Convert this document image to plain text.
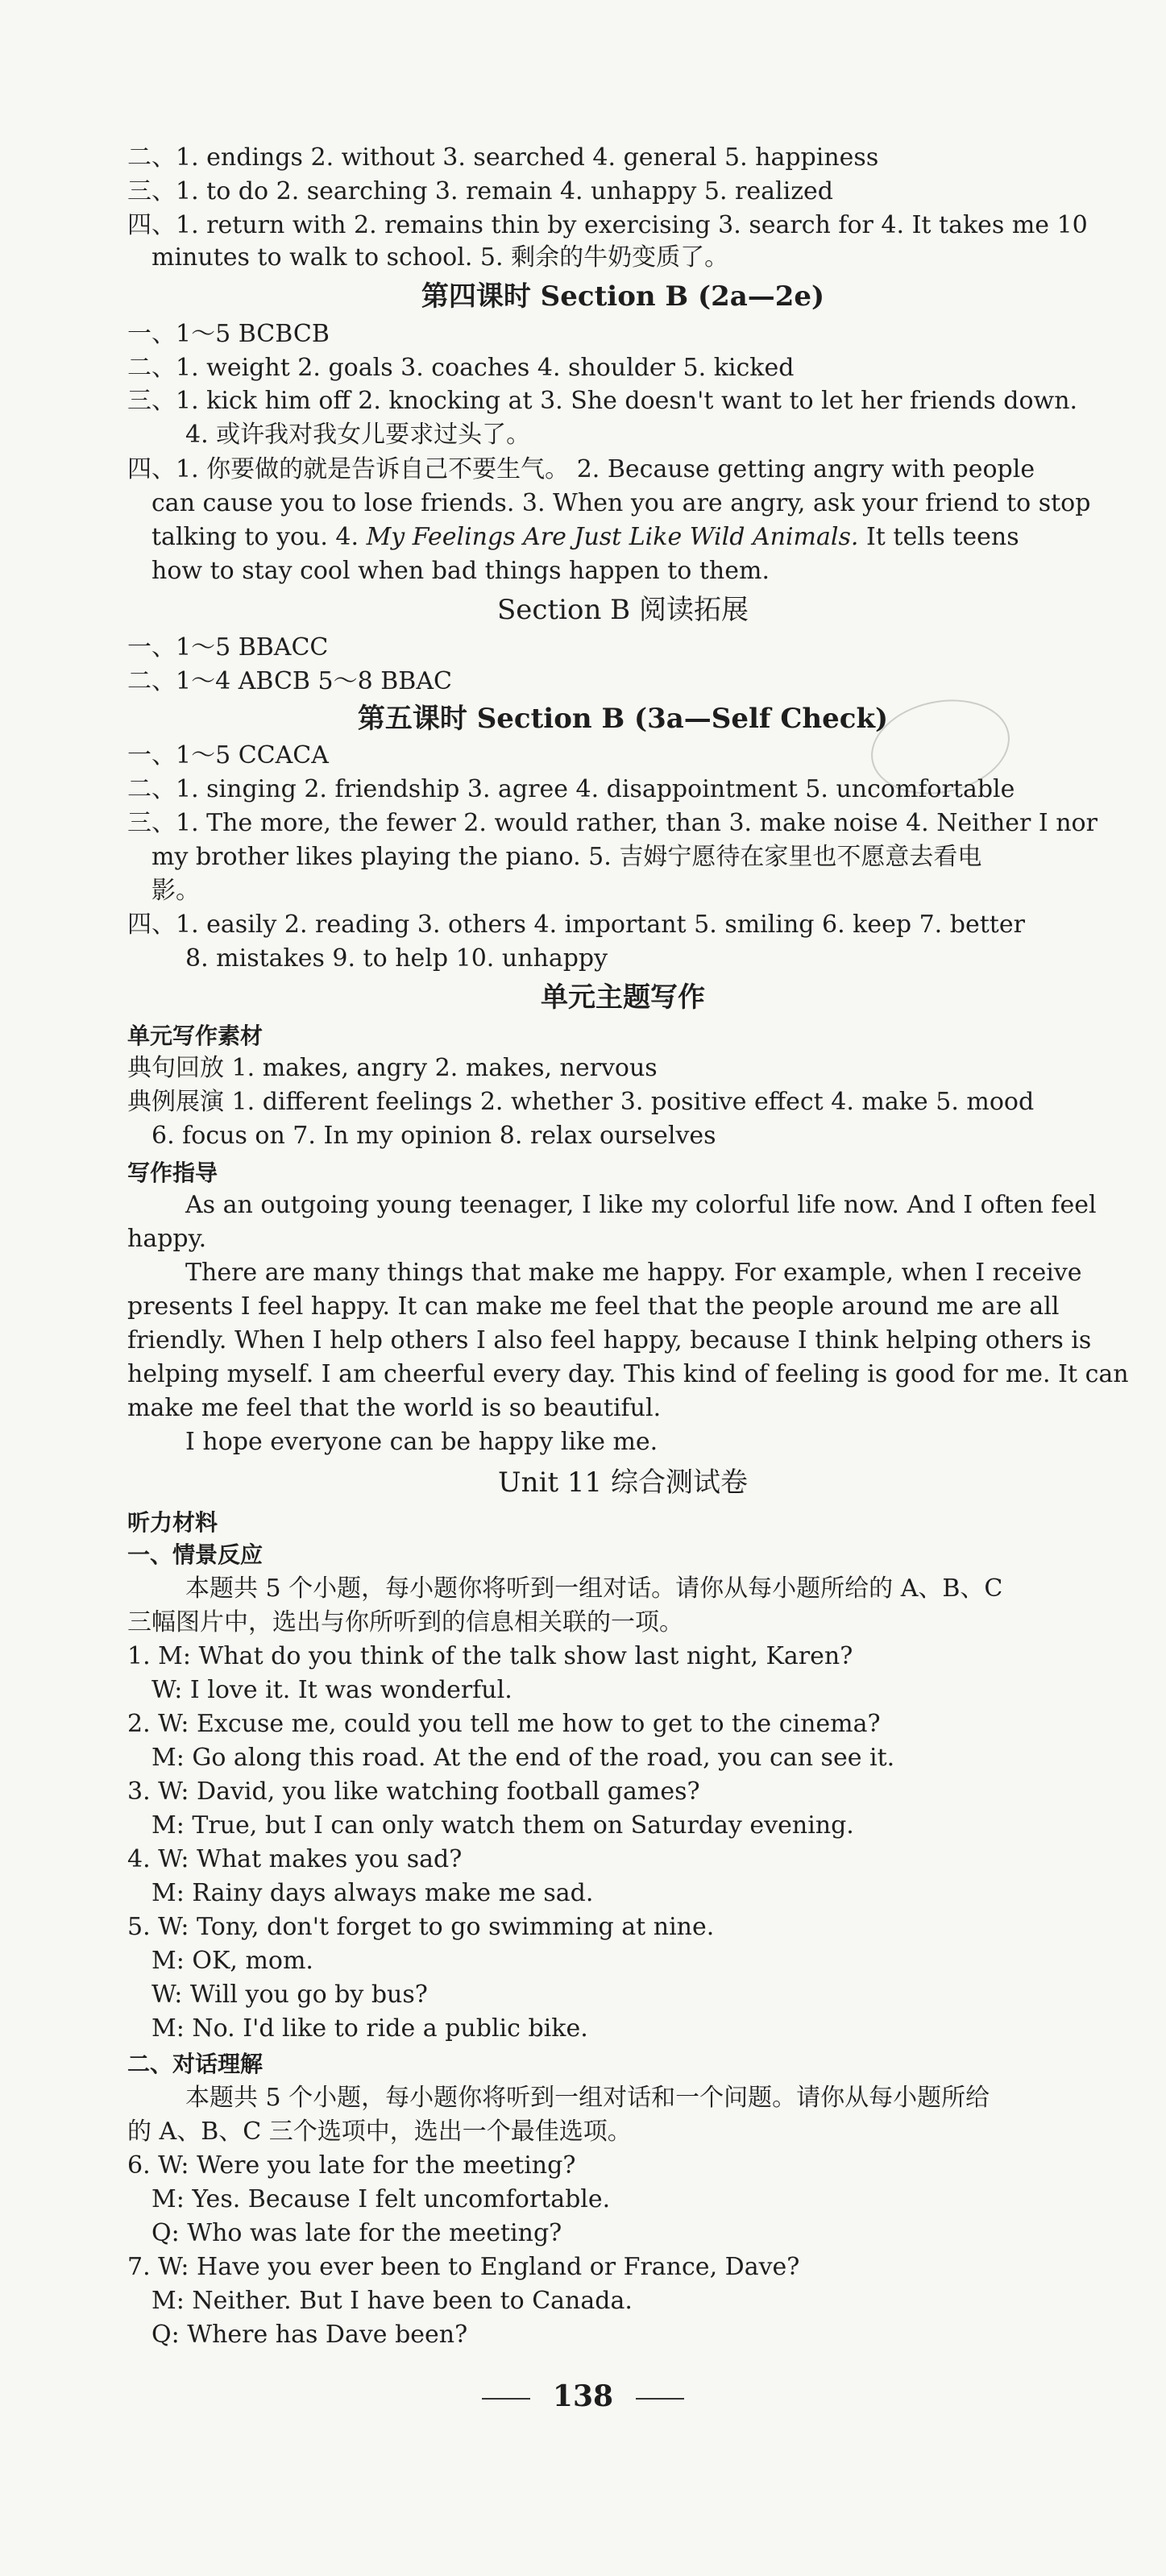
二、1. endings 2. without 3. searched 4. general 5. happiness
三、1. to do 2. searching 3. remain 4. unhappy 5. realized
四、1. return with 2. remains thin by exercising 3. search for 4. It takes me 10
minutes to walk to school. 5. 剩余的牛奶变质了。
第四课时 Section B (2a—2e)
一、1～5 BCBCB
二、1. weight 2. goals 3. coaches 4. shoulder 5. kicked
三、1. kick him off 2. knocking at 3. She doesn't want to let her friends down.
4. 或许我对我女儿要求过头了。
四、1. 你要做的就是告诉自己不要生气。 2. Because getting angry with people
can cause you to lose friends. 3. When you are angry, ask your friend to stop
talking to you. 4. My Feelings Are Just Like Wild Animals. It tells teens
how to stay cool when bad things happen to them.
Section B 阅读拓展
一、1～5 BBACC
二、1～4 ABCB 5～8 BBAC
第五课时 Section B (3a—Self Check)
一、1～5 CCACA
二、1. singing 2. friendship 3. agree 4. disappointment 5. uncomfortable
三、1. The more, the fewer 2. would rather, than 3. make noise 4. Neither I nor
my brother likes playing the piano. 5. 吉姆宁愿待在家里也不愿意去看电
影。
四、1. easily 2. reading 3. others 4. important 5. smiling 6. keep 7. better
8. mistakes 9. to help 10. unhappy
单元主题写作
单元写作素材
典句回放 1. makes, angry 2. makes, nervous
典例展演 1. different feelings 2. whether 3. positive effect 4. make 5. mood
6. focus on 7. In my opinion 8. relax ourselves
写作指导
As an outgoing young teenager, I like my colorful life now. And I often feel
happy.
There are many things that make me happy. For example, when I receive
presents I feel happy. It can make me feel that the people around me are all
friendly. When I help others I also feel happy, because I think helping others is
helping myself. I am cheerful every day. This kind of feeling is good for me. It can
make me feel that the world is so beautiful.
I hope everyone can be happy like me.
Unit 11 综合测试卷
听力材料
一、情景反应
本题共 5 个小题，每小题你将听到一组对话。请你从每小题所给的 A、B、C
三幅图片中，选出与你所听到的信息相关联的一项。
1. M: What do you think of the talk show last night, Karen?
W: I love it. It was wonderful.
2. W: Excuse me, could you tell me how to get to the cinema?
M: Go along this road. At the end of the road, you can see it.
3. W: David, you like watching football games?
M: True, but I can only watch them on Saturday evening.
4. W: What makes you sad?
M: Rainy days always make me sad.
5. W: Tony, don't forget to go swimming at nine.
M: OK, mom.
W: Will you go by bus?
M: No. I'd like to ride a public bike.
二、对话理解
本题共 5 个小题，每小题你将听到一组对话和一个问题。请你从每小题所给
的 A、B、C 三个选项中，选出一个最佳选项。
6. W: Were you late for the meeting?
M: Yes. Because I felt uncomfortable.
Q: Who was late for the meeting?
7. W: Have you ever been to England or France, Dave?
M: Neither. But I have been to Canada.
Q: Where has Dave been?
138
